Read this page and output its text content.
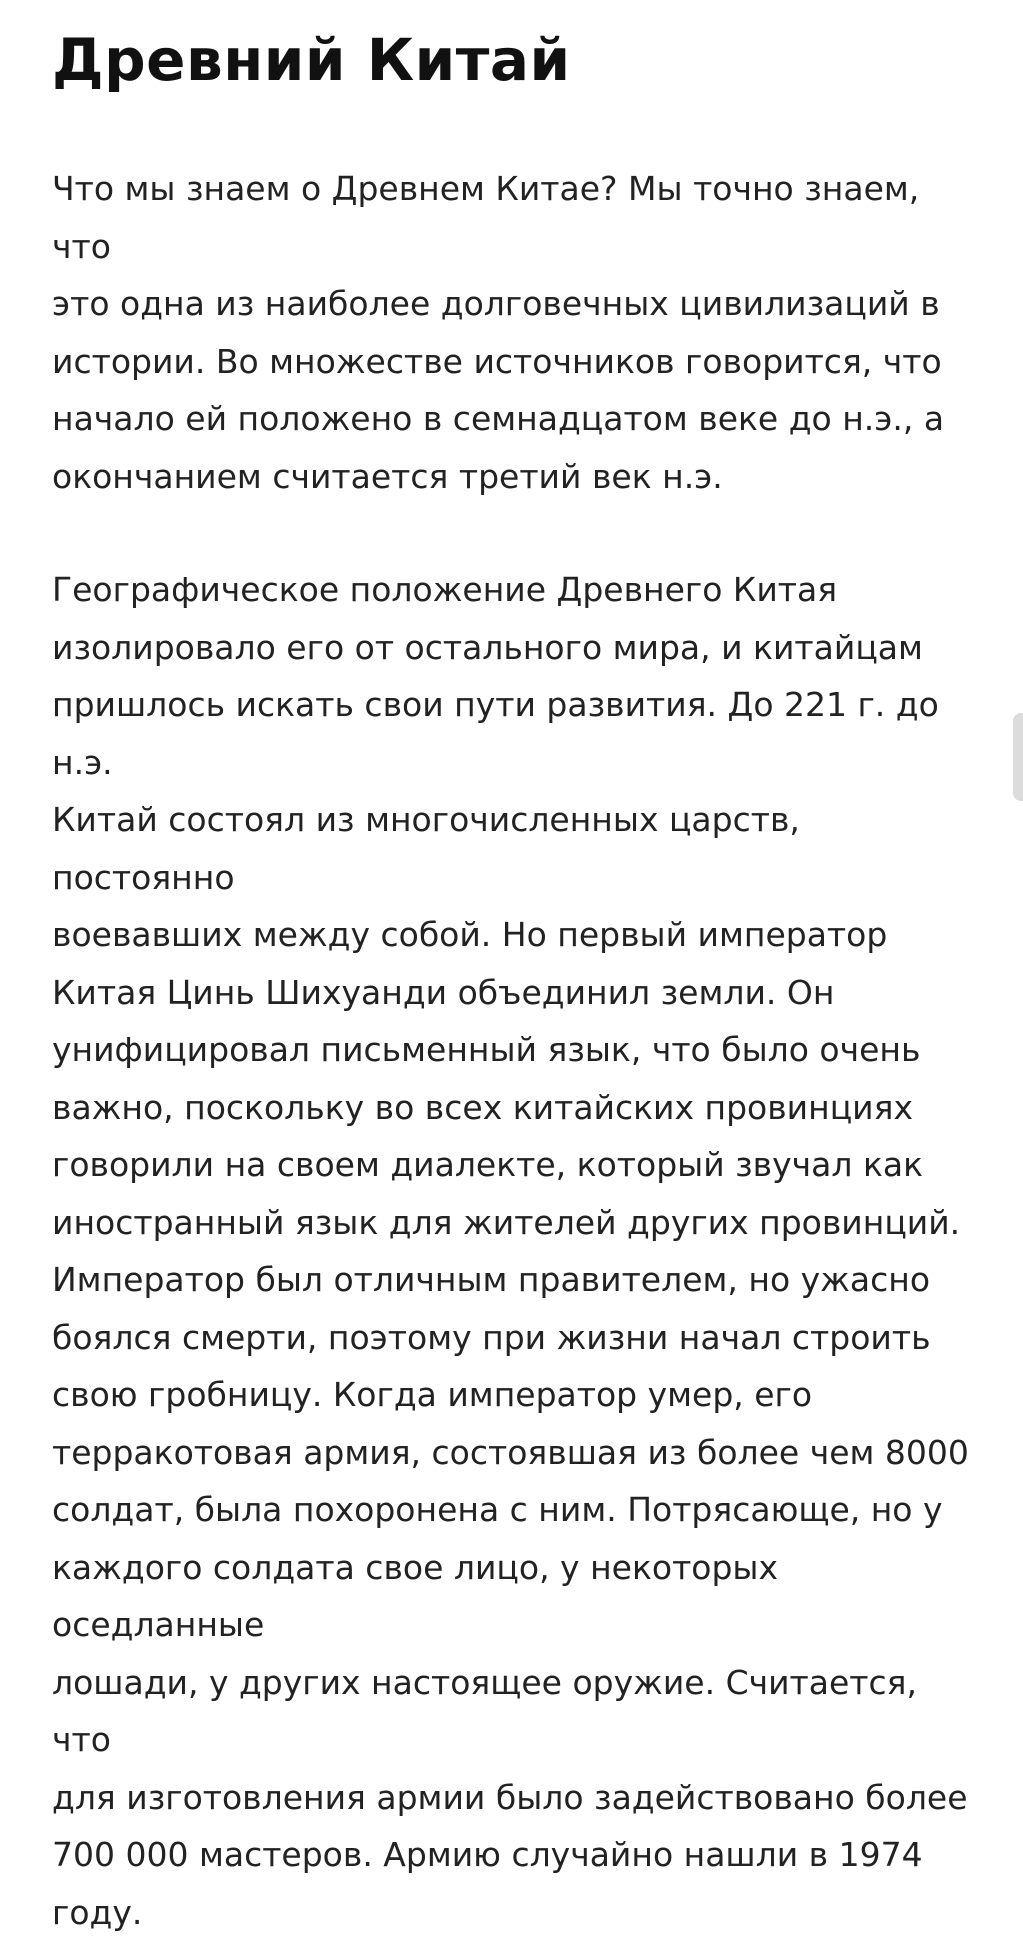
Древний Китай

Что мы знаем о Древнем Китае? Мы точно знаем, что
это одна из наиболее долговечных цивилизаций в
истории. Во множестве источников говорится, что
начало ей положено в семнадцатом веке до н.э., а
окончанием считается третий век н.э.

Географическое положение Древнего Китая
изолировало его от остального мира, и китайцам
пришлось искать свои пути развития. До 221 г. до н.э.
Китай состоял из многочисленных царств, постоянно
воевавших между собой. Но первый император
Китая Цинь Шихуанди объединил земли. Он
унифицировал письменный язык, что было очень
важно, поскольку во всех китайских провинциях
говорили на своем диалекте, который звучал как
иностранный язык для жителей других провинций.
Император был отличным правителем, но ужасно
боялся смерти, поэтому при жизни начал строить
свою гробницу. Когда император умер, его
терракотовая армия, состоявшая из более чем 8000
солдат, была похоронена с ним. Потрясающе, но у
каждого солдата свое лицо, у некоторых оседланные
лошади, у других настоящее оружие. Считается, что
для изготовления армии было задействовано более
700 000 мастеров. Армию случайно нашли в 1974
году.
